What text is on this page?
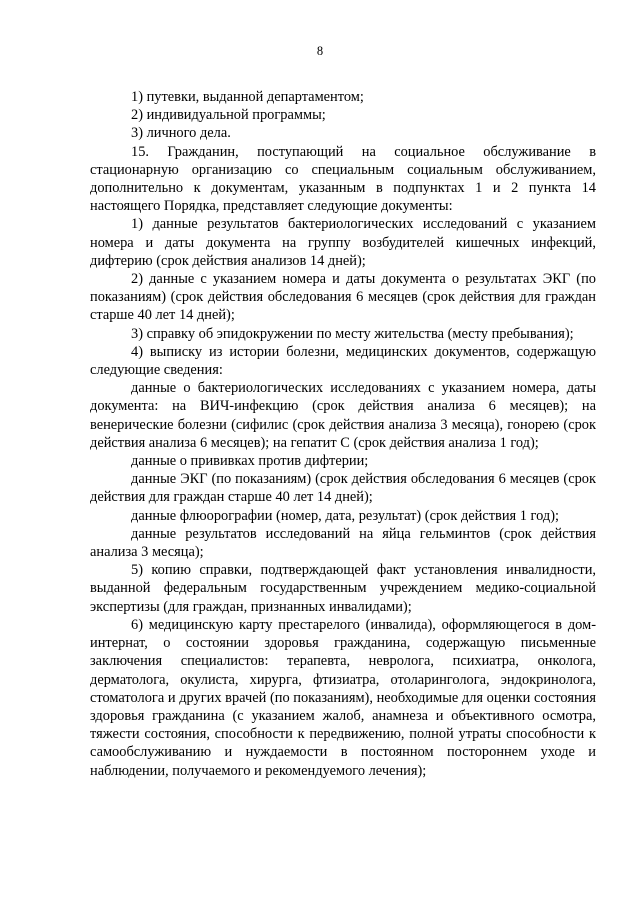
8

1) путевки, выданной департаментом;

2) индивидуальной программы;

3) личного дела.

15. Гражданин, поступающий на социальное обслуживание в стационарную организацию со специальным социальным обслуживанием, дополнительно к документам, указанным в подпунктах 1 и 2 пункта 14 настоящего Порядка, представляет следующие документы:

1) данные результатов бактериологических исследований с указанием номера и даты документа на группу возбудителей кишечных инфекций, дифтерию (срок действия анализов 14 дней);

2) данные с указанием номера и даты документа о результатах ЭКГ (по показаниям) (срок действия обследования 6 месяцев (срок действия для граждан старше 40 лет 14 дней);

3) справку об эпидокружении по месту жительства (месту пребывания);

4) выписку из истории болезни, медицинских документов, содержащую следующие сведения:

данные о бактериологических исследованиях с указанием номера, даты документа: на ВИЧ-инфекцию (срок действия анализа 6 месяцев); на венерические болезни (сифилис (срок действия анализа 3 месяца), гонорею (срок действия анализа 6 месяцев); на гепатит С (срок действия анализа 1 год);

данные о прививках против дифтерии;

данные ЭКГ (по показаниям) (срок действия обследования 6 месяцев (срок действия для граждан старше 40 лет 14 дней);

данные флюорографии (номер, дата, результат) (срок действия 1 год);

данные результатов исследований на яйца гельминтов (срок действия анализа 3 месяца);

5) копию справки, подтверждающей факт установления инвалидности, выданной федеральным государственным учреждением медико-социальной экспертизы (для граждан, признанных инвалидами);

6) медицинскую карту престарелого (инвалида), оформляющегося в дом-интернат, о состоянии здоровья гражданина, содержащую письменные заключения специалистов: терапевта, невролога, психиатра, онколога, дерматолога, окулиста, хирурга, фтизиатра, отоларинголога, эндокринолога, стоматолога и других врачей (по показаниям), необходимые для оценки состояния здоровья гражданина (с указанием жалоб, анамнеза и объективного осмотра, тяжести состояния, способности к передвижению, полной утраты способности к самообслуживанию и нуждаемости в постоянном постороннем уходе и наблюдении, получаемого и рекомендуемого лечения);
